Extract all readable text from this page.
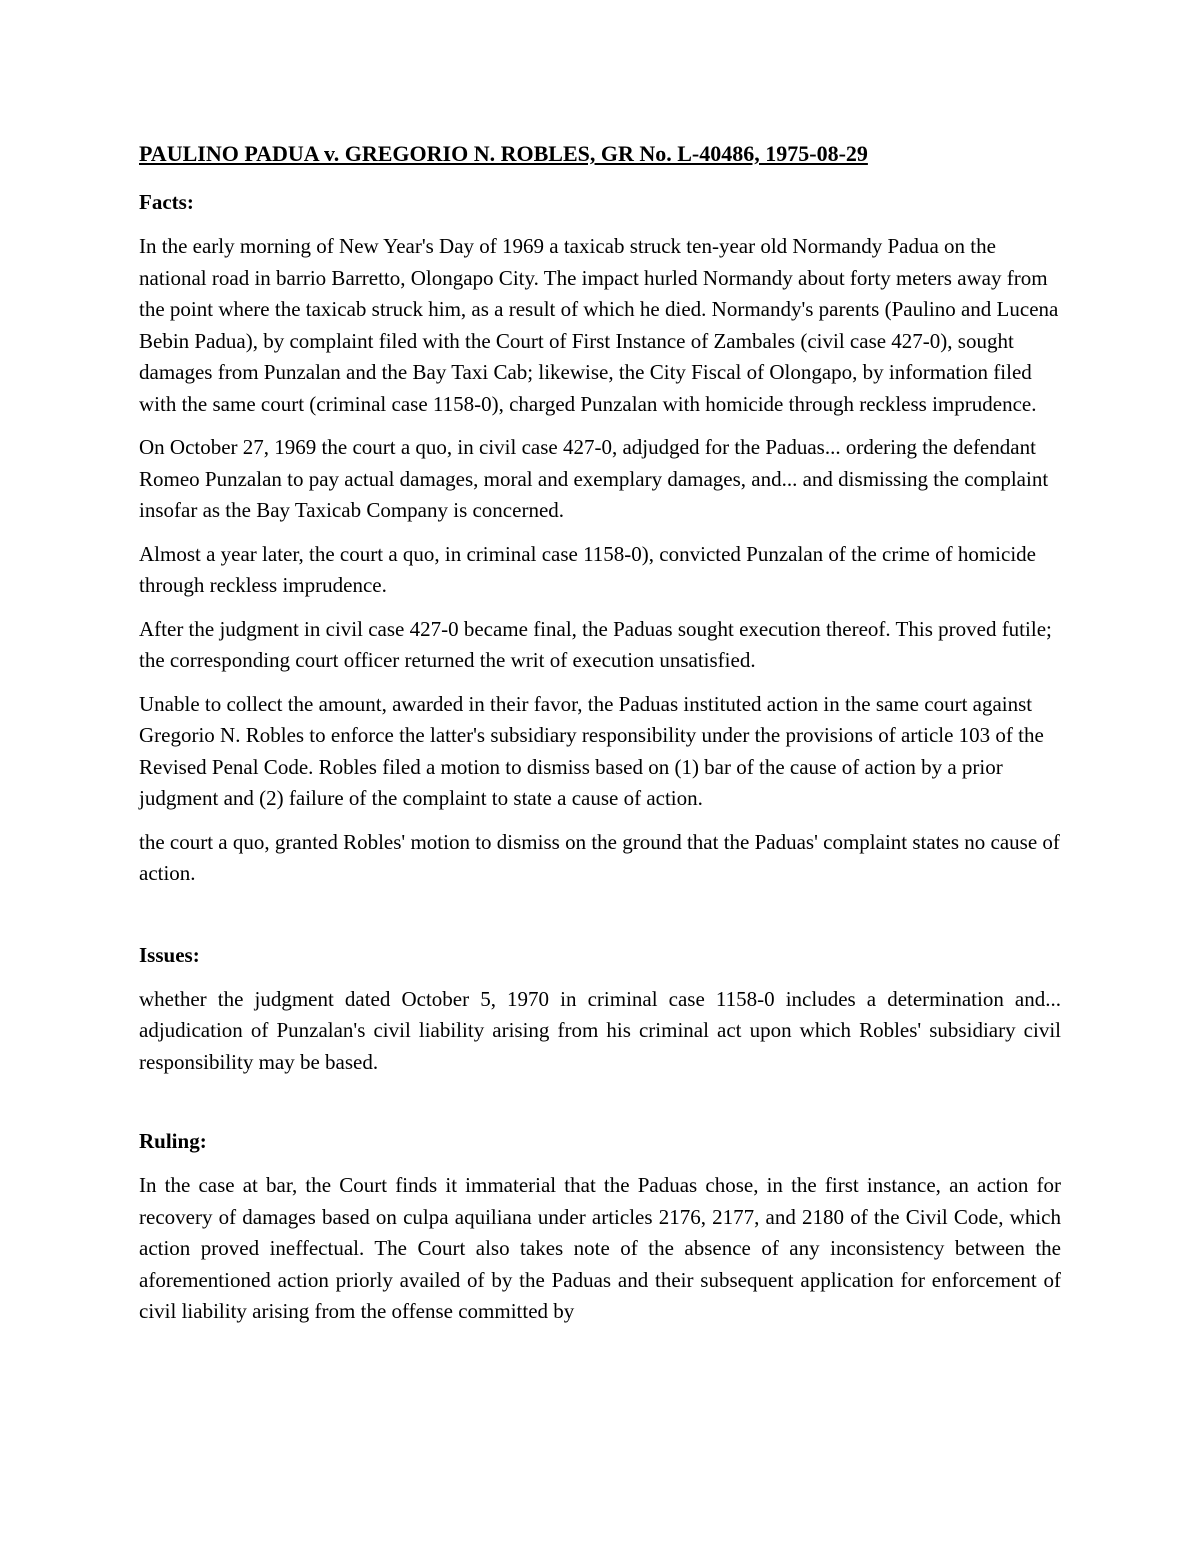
PAULINO PADUA v. GREGORIO N. ROBLES, GR No. L-40486, 1975-08-29
Facts:

In the early morning of New Year's Day of 1969 a taxicab struck ten-year old Normandy Padua on the national road in barrio Barretto, Olongapo City. The impact hurled Normandy about forty meters away from the point where the taxicab struck him, as a result of which he died. Normandy's parents (Paulino and Lucena Bebin Padua), by complaint filed with the Court of First Instance of Zambales (civil case 427-0), sought damages from Punzalan and the Bay Taxi Cab; likewise, the City Fiscal of Olongapo, by information filed with the same court (criminal case 1158-0), charged Punzalan with homicide through reckless imprudence.

On October 27, 1969 the court a quo, in civil case 427-0, adjudged for the Paduas... ordering the defendant Romeo Punzalan to pay actual damages, moral and exemplary damages, and... and dismissing the complaint insofar as the Bay Taxicab Company is concerned.

Almost a year later, the court a quo, in criminal case 1158-0), convicted Punzalan of the crime of homicide through reckless imprudence.

After the judgment in civil case 427-0 became final, the Paduas sought execution thereof. This proved futile; the corresponding court officer returned the writ of execution unsatisfied.

Unable to collect the amount, awarded in their favor, the Paduas instituted action in the same court against Gregorio N. Robles to enforce the latter's subsidiary responsibility under the provisions of article 103 of the Revised Penal Code. Robles filed a motion to dismiss based on (1) bar of the cause of action by a prior judgment and (2) failure of the complaint to state a cause of action.

the court a quo, granted Robles' motion to dismiss on the ground that the Paduas' complaint states no cause of action.

Issues:

whether the judgment dated October 5, 1970 in criminal case 1158-0 includes a determination and... adjudication of Punzalan's civil liability arising from his criminal act upon which Robles' subsidiary civil responsibility may be based.

Ruling:

In the case at bar, the Court finds it immaterial that the Paduas chose, in the first instance, an action for recovery of damages based on culpa aquiliana under articles 2176, 2177, and 2180 of the Civil Code, which action proved ineffectual. The Court also takes note of the absence of any inconsistency between the aforementioned action priorly availed of by the Paduas and their subsequent application for enforcement of civil liability arising from the offense committed by
